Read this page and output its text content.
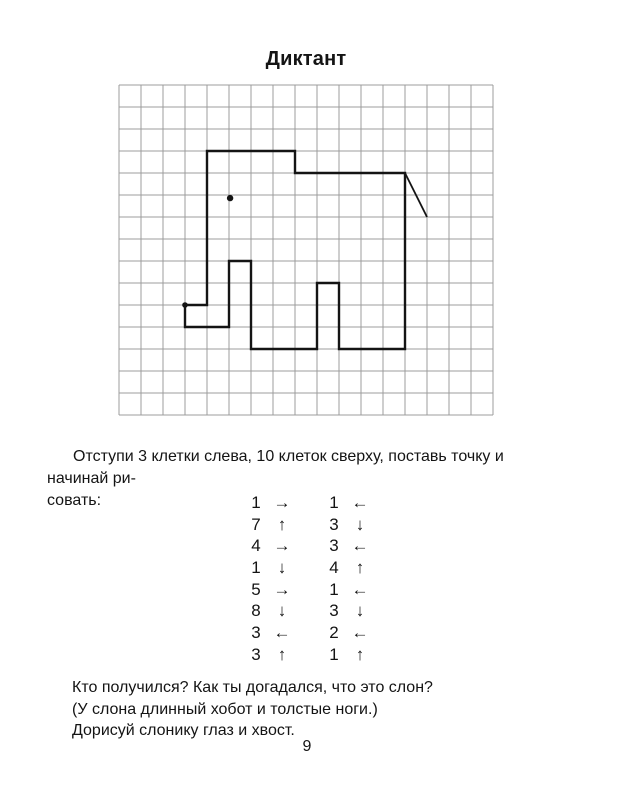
Диктант
Отступи 3 клетки слева, 10 клеток сверху, поставь точку и начинай ри-
совать:	1 →	1 ←
7	↑	3	↓
4 →	3 ←
1	↓	4	↑
5 →	1 ←
8	↓	3	↓
3 ←	2 ←
3	↑	1	↑
Кто получился? Как ты догадался, что это слон?
(У слона длинный хобот и толстые ноги.)
Дорисуй слонику глаз и хвост.
9
